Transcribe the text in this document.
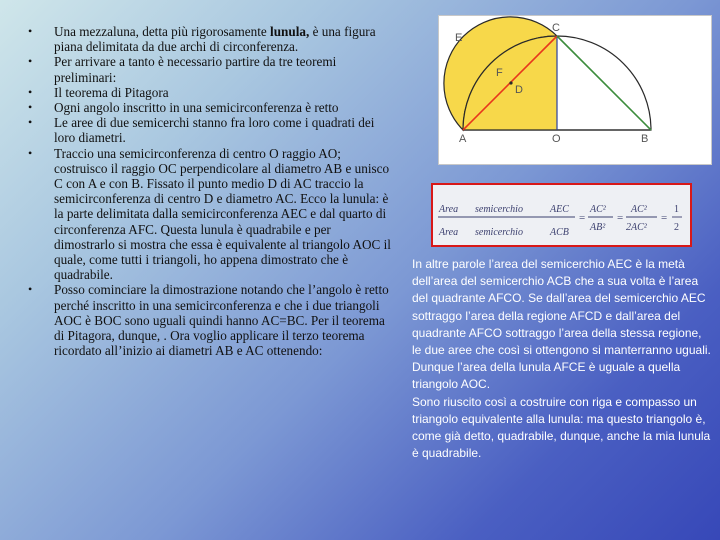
• Una mezzaluna, detta più rigorosamente lunula, è una figura piana delimitata da due archi di circonferenza.
• Per arrivare a tanto è necessario partire da tre teoremi preliminari:
• Il teorema di Pitagora
• Ogni angolo inscritto in una semicirconferenza è retto
• Le aree di due semicerchi stanno fra loro come i quadrati dei loro diametri.
• Traccio una semicirconferenza di centro O raggio AO; costruisco il raggio OC perpendicolare al diametro AB e unisco C con A e con B. Fissato il punto medio D di AC traccio la semicirconferenza di centro D e diametro AC. Ecco la lunula: è la parte delimitata dalla semicirconferenza AEC e dal quarto di circonferenza AFC. Questa lunula è quadrabile e per dimostrarlo si mostra che essa è equivalente al triangolo AOC il quale, come tutti i triangoli, ho appena dimostrato che è quadrabile.
• Posso cominciare la dimostrazione notando che l’angolo è retto perché inscritto in una semicirconferenza e che i due triangoli AOC è BOC sono uguali quindi hanno AC=BC. Per il teorema di Pitagora, dunque, . Ora voglio applicare il terzo teorema ricordato all’inizio ai diametri AB e AC ottenendo:
E
C
F
D
A	O	B
Area semicerchio	AEC
Area semicerchio	ACB
=
AC²
AB²
=
AC²
2AC²
=
1
2

In altre parole l’area del semicerchio AEC è la metà dell’area del semicerchio ACB che a sua volta è l’area del quadrante AFCO. Se dall’area del semicerchio AEC sottraggo l’area della regione AFCD e dall’area del quadrante AFCO sottraggo l’area della stessa regione, le due aree che così si ottengono si manterranno uguali. Dunque l’area della lunula AFCE è uguale a quella triangolo AOC.
Sono riuscito così a costruire con riga e compasso un triangolo equivalente alla lunula: ma questo triangolo è, come già detto, quadrabile, dunque, anche la mia lunula è quadrabile.
